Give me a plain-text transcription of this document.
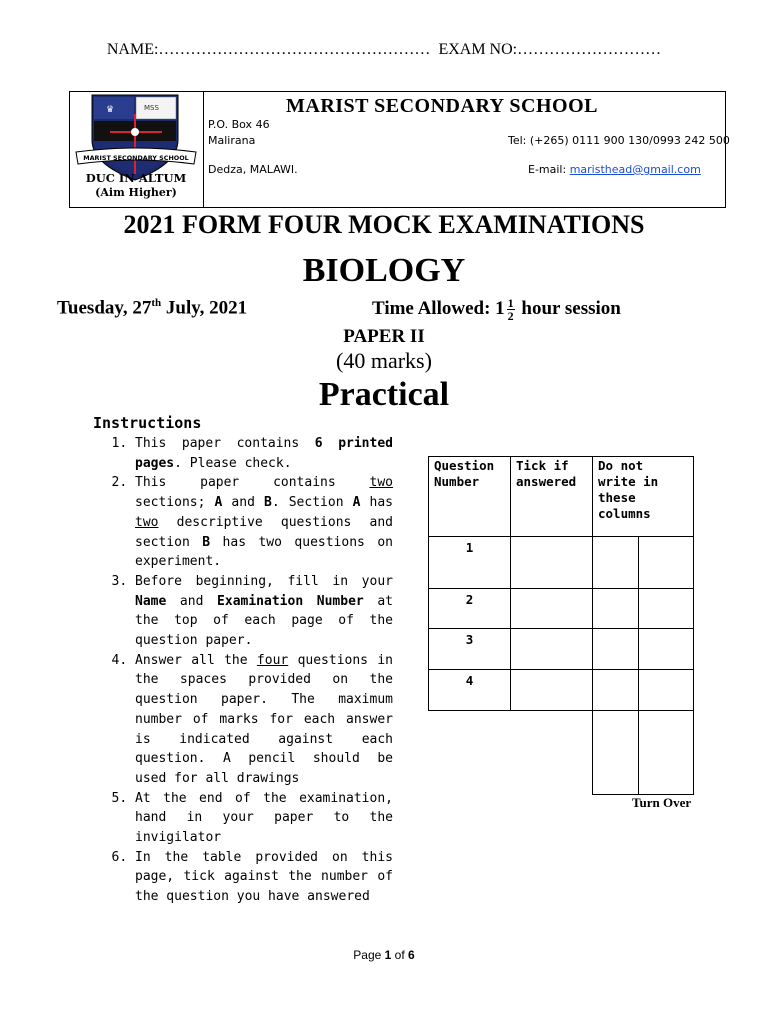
NAME:…………………………………………… EXAM NO:………………………
♛	MSS
MARIST SECONDARY SCHOOL
DUC IN ALTUM
(Aim Higher)
MARIST SECONDARY SCHOOL
P.O. Box 46
Malirana
Dedza, MALAWI.
Tel: (+265) 0111 900 130/0993 242 500
E-mail: maristhead@gmail.com
2021 FORM FOUR MOCK EXAMINATIONS
BIOLOGY
Tuesday, 27th July, 2021	Time Allowed: $1 \frac{1}{2}$ hour session
PAPER II
(40 marks)
Practical
Instructions
1. This paper contains 6 printed pages. Please check.
2. This paper contains two sections; A and B. Section A has two descriptive questions and section B has two questions on experiment.
3. Before beginning, fill in your Name and Examination Number at the top of each page of the question paper.
4. Answer all the four questions in the spaces provided on the question paper. The maximum number of marks for each answer is indicated against each question. A pencil should be used for all drawings
5. At the end of the examination, hand in your paper to the invigilator
6. In the table provided on this page, tick against the number of the question you have answered
Question Number	Tick if answered	Do not write in these columns	
1			
2			
3			
4			

Turn Over
Page 1 of 6
